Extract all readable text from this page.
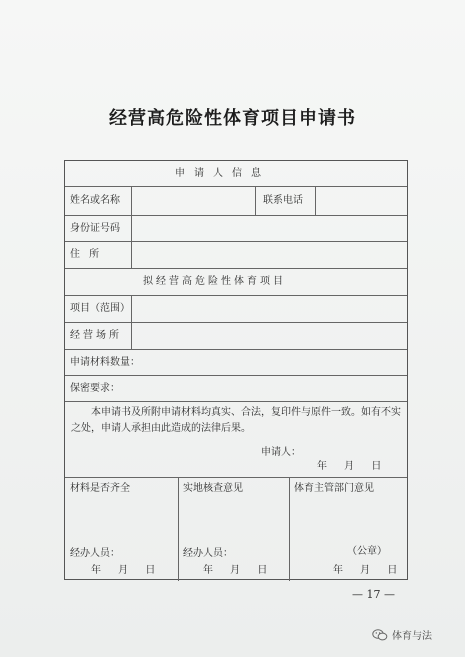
经营高危险性体育项目申请书
申请人信息
姓名或名称	联系电话
身份证号码
住 所
拟经营高危险性体育项目
项目（范围）
经营场所
申请材料数量：
保密要求：
本申请书及所附申请材料均真实、合法，复印件与原件一致。如有不实之处，申请人承担由此造成的法律后果。
申请人：
年 月 日
材料是否齐全	实地核查意见	体育主管部门意见
经办人员：	经办人员：	（公章）
年 月 日	年 月 日	年 月 日
— 17 —
体育与法
